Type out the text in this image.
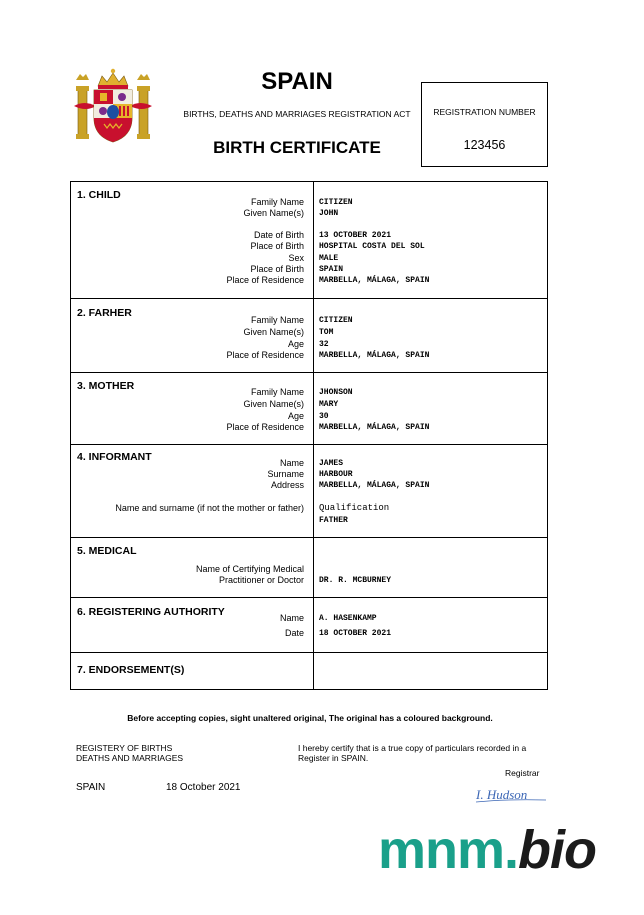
SPAIN
BIRTHS, DEATHS AND MARRIAGES REGISTRATION ACT
BIRTH CERTIFICATE
REGISTRATION NUMBER
123456
1. CHILD
Family Name CITIZEN
Given Name(s) JOHN
Date of Birth 13 OCTOBER 2021
Place of Birth HOSPITAL COSTA DEL SOL
Sex MALE
Place of Birth SPAIN
Place of Residence MARBELLA, MÁLAGA, SPAIN
2. FARHER
Family Name CITIZEN
Given Name(s) TOM
Age 32
Place of Residence MARBELLA, MÁLAGA, SPAIN
3. MOTHER	Family Name JHONSON
Given Name(s) MARY
Age 30
Place of Residence MARBELLA, MÁLAGA, SPAIN
4. INFORMANT	Name JAMES
Surname HARBOUR
Address MARBELLA, MÁLAGA, SPAIN
Name and surname (if not the mother or father) Qualification
FATHER
5. MEDICAL
Name of Certifying Medical
Practitioner or Doctor DR. R. MCBURNEY
6. REGISTERING AUTHORITY	Name A. HASENKAMP
Date 18 OCTOBER 2021
7. ENDORSEMENT(S)
Before accepting copies, sight unaltered original, The original has a coloured background.
REGISTERY OF BIRTHS
DEATHS AND MARRIAGES
I hereby certify that is a true copy of particulars recorded in a
Register in SPAIN.
Registrar
SPAIN	18 October 2021	I. Hudson
mnm.bio
